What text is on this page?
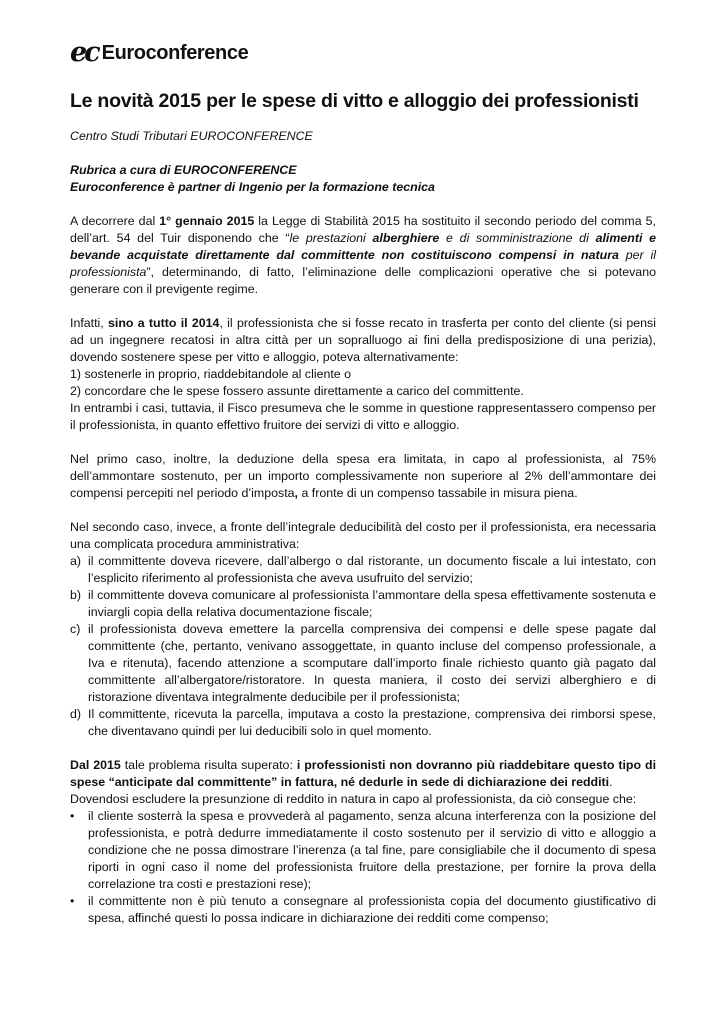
ec Euroconference
Le novità 2015 per le spese di vitto e alloggio dei professionisti

Centro Studi Tributari EUROCONFERENCE

Rubrica a cura di EUROCONFERENCE

Euroconference è partner di Ingenio per la formazione tecnica

A decorrere dal 1° gennaio 2015 la Legge di Stabilità 2015 ha sostituito il secondo periodo del comma 5, dell’art. 54 del Tuir disponendo che “le prestazioni alberghiere e di somministrazione di alimenti e bevande acquistate direttamente dal committente non costituiscono compensi in natura per il professionista”, determinando, di fatto, l’eliminazione delle complicazioni operative che si potevano generare con il previgente regime.

Infatti, sino a tutto il 2014, il professionista che si fosse recato in trasferta per conto del cliente (si pensi ad un ingegnere recatosi in altra città per un sopralluogo ai fini della predisposizione di una perizia), dovendo sostenere spese per vitto e alloggio, poteva alternativamente:

1) sostenerle in proprio, riaddebitandole al cliente o

2) concordare che le spese fossero assunte direttamente a carico del committente.

In entrambi i casi, tuttavia, il Fisco presumeva che le somme in questione rappresentassero compenso per il professionista, in quanto effettivo fruitore dei servizi di vitto e alloggio.

Nel primo caso, inoltre, la deduzione della spesa era limitata, in capo al professionista, al 75% dell’ammontare sostenuto, per un importo complessivamente non superiore al 2% dell’ammontare dei compensi percepiti nel periodo d’imposta, a fronte di un compenso tassabile in misura piena.

Nel secondo caso, invece, a fronte dell’integrale deducibilità del costo per il professionista, era necessaria una complicata procedura amministrativa:

a) il committente doveva ricevere, dall’albergo o dal ristorante, un documento fiscale a lui intestato, con l’esplicito riferimento al professionista che aveva usufruito del servizio;
b) il committente doveva comunicare al professionista l’ammontare della spesa effettivamente sostenuta e inviargli copia della relativa documentazione fiscale;
c) il professionista doveva emettere la parcella comprensiva dei compensi e delle spese pagate dal committente (che, pertanto, venivano assoggettate, in quanto incluse del compenso professionale, a Iva e ritenuta), facendo attenzione a scomputare dall’importo finale richiesto quanto già pagato dal committente all’albergatore/ristoratore. In questa maniera, il costo dei servizi alberghiero e di ristorazione diventava integralmente deducibile per il professionista;
d) Il committente, ricevuta la parcella, imputava a costo la prestazione, comprensiva dei rimborsi spese, che diventavano quindi per lui deducibili solo in quel momento.

Dal 2015 tale problema risulta superato: i professionisti non dovranno più riaddebitare questo tipo di spese “anticipate dal committente” in fattura, né dedurle in sede di dichiarazione dei redditi.

Dovendosi escludere la presunzione di reddito in natura in capo al professionista, da ciò consegue che:

• il cliente sosterrà la spesa e provvederà al pagamento, senza alcuna interferenza con la posizione del professionista, e potrà dedurre immediatamente il costo sostenuto per il servizio di vitto e alloggio a condizione che ne possa dimostrare l’inerenza (a tal fine, pare consigliabile che il documento di spesa riporti in ogni caso il nome del professionista fruitore della prestazione, per fornire la prova della correlazione tra costi e prestazioni rese);
• il committente non è più tenuto a consegnare al professionista copia del documento giustificativo di spesa, affinché questi lo possa indicare in dichiarazione dei redditi come compenso;
